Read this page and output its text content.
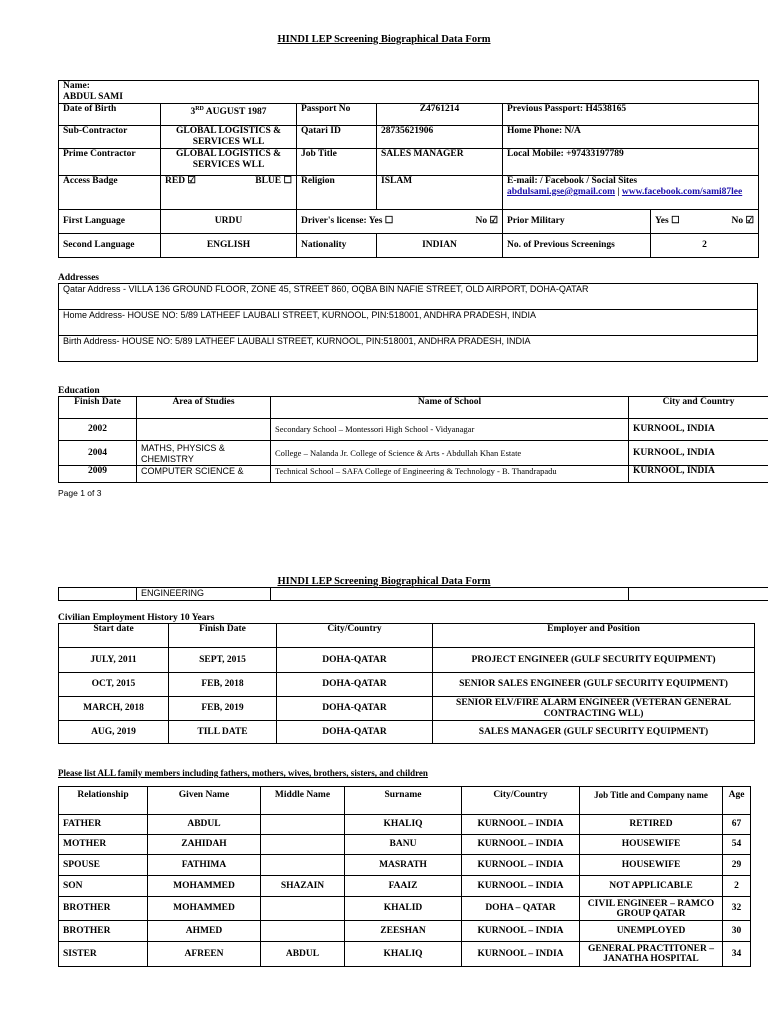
HINDI LEP Screening Biographical Data Form
Name:
ABDUL SAMI					
Date of Birth	3RD AUGUST 1987	Passport No	Z4761214	Previous Passport: H4538165	
Sub-Contractor	GLOBAL LOGISTICS & SERVICES WLL	Qatari ID	28735621906	Home Phone: N/A	
Prime Contractor	GLOBAL LOGISTICS & SERVICES WLL	Job Title	SALES MANAGER	Local Mobile: +97433197789	
Access Badge	RED ☑ BLUE ☐	Religion	ISLAM	E-mail: / Facebook / Social Sites
abdulsami.gse@gmail.com | www.facebook.com/sami87lee	
First Language	URDU	Driver's license: Yes ☐ No ☑		Prior Military	Yes ☐ No ☑

Second Language	ENGLISH	Nationality	INDIAN	No. of Previous Screenings	2
Addresses
Qatar Address - VILLA 136 GROUND FLOOR, ZONE 45, STREET 860, OQBA BIN NAFIE STREET, OLD AIRPORT, DOHA-QATAR
Home Address- HOUSE NO: 5/89 LATHEEF LAUBALI STREET, KURNOOL, PIN:518001, ANDHRA PRADESH, INDIA
Birth Address- HOUSE NO: 5/89 LATHEEF LAUBALI STREET, KURNOOL, PIN:518001, ANDHRA PRADESH, INDIA
Education
Finish Date	Area of Studies	Name of School	City and Country
2002		Secondary School – Montessori High School - Vidyanagar	KURNOOL, INDIA
2004	MATHS, PHYSICS & CHEMISTRY	College – Nalanda Jr. College of Science & Arts - Abdullah Khan Estate	KURNOOL, INDIA
2009	COMPUTER SCIENCE &	Technical School – SAFA College of Engineering & Technology - B. Thandrapadu	KURNOOL, INDIA
Page 1 of 3
	ENGINEERING		
HINDI LEP Screening Biographical Data Form
Civilian Employment History 10 Years
Start date	Finish Date	City/Country	Employer and Position
JULY, 2011	SEPT, 2015	DOHA-QATAR	PROJECT ENGINEER (GULF SECURITY EQUIPMENT)
OCT, 2015	FEB, 2018	DOHA-QATAR	SENIOR SALES ENGINEER (GULF SECURITY EQUIPMENT)
MARCH, 2018	FEB, 2019	DOHA-QATAR	SENIOR ELV/FIRE ALARM ENGINEER (VETERAN GENERAL CONTRACTING WLL)
AUG, 2019	TILL DATE	DOHA-QATAR	SALES MANAGER (GULF SECURITY EQUIPMENT)
Please list ALL family members including fathers, mothers, wives, brothers, sisters, and children
Relationship	Given Name	Middle Name	Surname	City/Country	Job Title and Company name	Age
FATHER	ABDUL		KHALIQ	KURNOOL – INDIA	RETIRED	67
MOTHER	ZAHIDAH		BANU	KURNOOL – INDIA	HOUSEWIFE	54
SPOUSE	FATHIMA		MASRATH	KURNOOL – INDIA	HOUSEWIFE	29
SON	MOHAMMED	SHAZAIN	FAAIZ	KURNOOL – INDIA	NOT APPLICABLE	2
BROTHER	MOHAMMED		KHALID	DOHA – QATAR	CIVIL ENGINEER – RAMCO GROUP QATAR	32
BROTHER	AHMED		ZEESHAN	KURNOOL – INDIA	UNEMPLOYED	30
SISTER	AFREEN	ABDUL	KHALIQ	KURNOOL – INDIA	GENERAL PRACTITONER – JANATHA HOSPITAL	34
